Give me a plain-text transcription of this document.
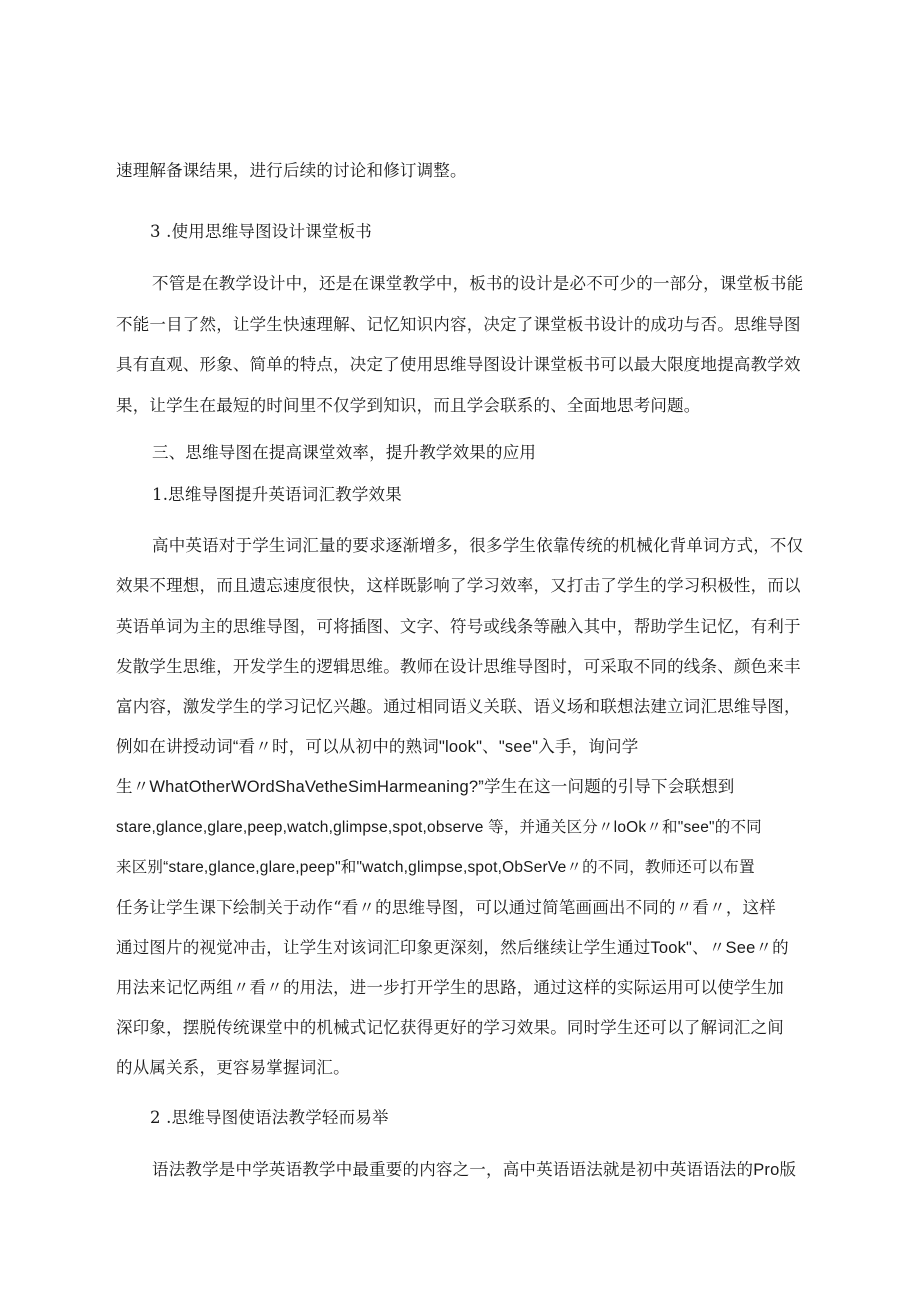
速理解备课结果，进行后续的讨论和修订调整。
3 .使用思维导图设计课堂板书
不管是在教学设计中，还是在课堂教学中，板书的设计是必不可少的一部分，课堂板书能
不能一目了然，让学生快速理解、记忆知识内容，决定了课堂板书设计的成功与否。思维导图
具有直观、形象、简单的特点，决定了使用思维导图设计课堂板书可以最大限度地提高教学效
果，让学生在最短的时间里不仅学到知识，而且学会联系的、全面地思考问题。
三、思维导图在提高课堂效率，提升教学效果的应用
1.思维导图提升英语词汇教学效果
高中英语对于学生词汇量的要求逐渐增多，很多学生依靠传统的机械化背单词方式，不仅
效果不理想，而且遗忘速度很快，这样既影响了学习效率，又打击了学生的学习积极性，而以
英语单词为主的思维导图，可将插图、文字、符号或线条等融入其中，帮助学生记忆，有利于
发散学生思维，开发学生的逻辑思维。教师在设计思维导图时，可采取不同的线条、颜色来丰
富内容，激发学生的学习记忆兴趣。通过相同语义关联、语义场和联想法建立词汇思维导图，
例如在讲授动词“看〃时，可以从初中的熟词"look"、"see"入手，询问学
生〃WhatOtherWOrdShaVetheSimHarmeaning?”学生在这一问题的引导下会联想到
stare,glance,glare,peep,watch,glimpse,spot,observe 等，并通关区分〃loOk〃和"see"的不同
来区别“stare,glance,glare,peep"和"watch,glimpse,spot,ObSerVe〃的不同，教师还可以布置
任务让学生课下绘制关于动作“看〃的思维导图，可以通过简笔画画出不同的〃看〃，这样
通过图片的视觉冲击，让学生对该词汇印象更深刻，然后继续让学生通过Took"、〃See〃的
用法来记忆两组〃看〃的用法，进一步打开学生的思路，通过这样的实际运用可以使学生加
深印象，摆脱传统课堂中的机械式记忆获得更好的学习效果。同时学生还可以了解词汇之间
的从属关系，更容易掌握词汇。
2 .思维导图使语法教学轻而易举
语法教学是中学英语教学中最重要的内容之一，高中英语语法就是初中英语语法的Pro版
